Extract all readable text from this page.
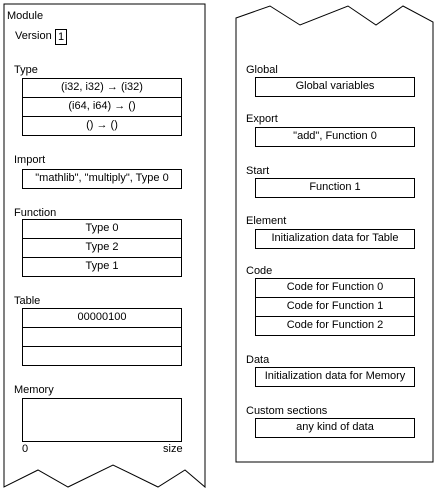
Module
Version 1
Type
(i32, i32) → (i32)
(i64, i64) → ()
() → ()
Import
"mathlib", "multiply", Type 0
Function
Type 0
Type 2
Type 1
Table
00000100
Memory
0	size
Global
Global variables
Export
"add", Function 0
Start
Function 1
Element
Initialization data for Table
Code
Code for Function 0
Code for Function 1
Code for Function 2
Data
Initialization data for Memory
Custom sections
any kind of data
